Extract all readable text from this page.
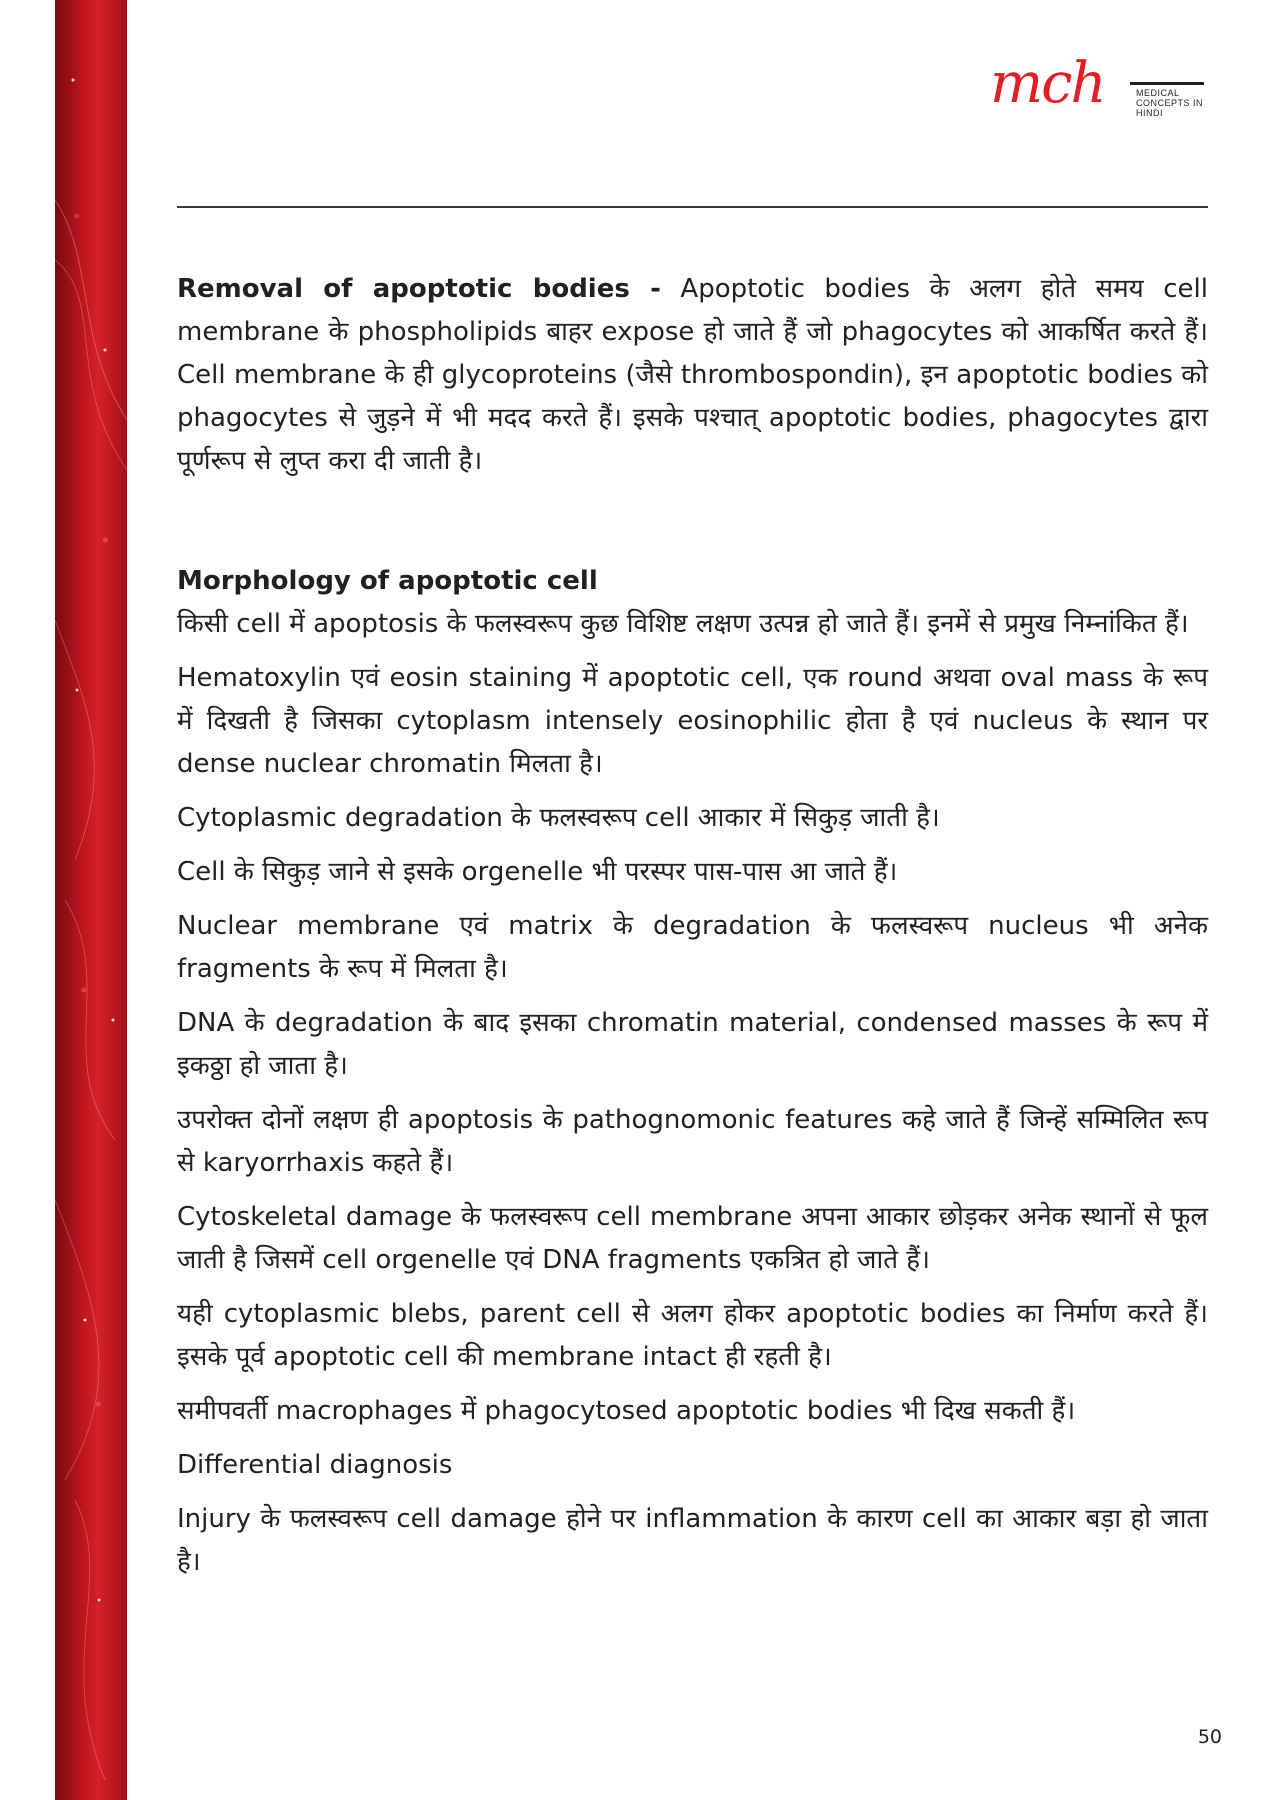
mch	MEDICAL
CONCEPTS IN
HINDI

Removal of apoptotic bodies - Apoptotic bodies के अलग होते समय cell membrane के phospholipids बाहर expose हो जाते हैं जो phagocytes को आकर्षित करते हैं। Cell membrane के ही glycoproteins (जैसे thrombospondin), इन apoptotic bodies को phagocytes से जुड़ने में भी मदद करते हैं। इसके पश्चात् apoptotic bodies, phagocytes द्वारा पूर्णरूप से लुप्त करा दी जाती है।

Morphology of apoptotic cell

किसी cell में apoptosis के फलस्वरूप कुछ विशिष्ट लक्षण उत्पन्न हो जाते हैं। इनमें से प्रमुख निम्नांकित हैं।

Hematoxylin एवं eosin staining में apoptotic cell, एक round अथवा oval mass के रूप में दिखती है जिसका cytoplasm intensely eosinophilic होता है एवं nucleus के स्थान पर dense nuclear chromatin मिलता है।

Cytoplasmic degradation के फलस्वरूप cell आकार में सिकुड़ जाती है।

Cell के सिकुड़ जाने से इसके orgenelle भी परस्पर पास-पास आ जाते हैं।

Nuclear membrane एवं matrix के degradation के फलस्वरूप nucleus भी अनेक fragments के रूप में मिलता है।

DNA के degradation के बाद इसका chromatin material, condensed masses के रूप में इकठ्ठा हो जाता है।

उपरोक्त दोनों लक्षण ही apoptosis के pathognomonic features कहे जाते हैं जिन्हें सम्मिलित रूप से karyorrhaxis कहते हैं।

Cytoskeletal damage के फलस्वरूप cell membrane अपना आकार छोड़कर अनेक स्थानों से फूल जाती है जिसमें cell orgenelle एवं DNA fragments एकत्रित हो जाते हैं।

यही cytoplasmic blebs, parent cell से अलग होकर apoptotic bodies का निर्माण करते हैं। इसके पूर्व apoptotic cell की membrane intact ही रहती है।

समीपवर्ती macrophages में phagocytosed apoptotic bodies भी दिख सकती हैं।

Differential diagnosis

Injury के फलस्वरूप cell damage होने पर inflammation के कारण cell का आकार बड़ा हो जाता है।

50
